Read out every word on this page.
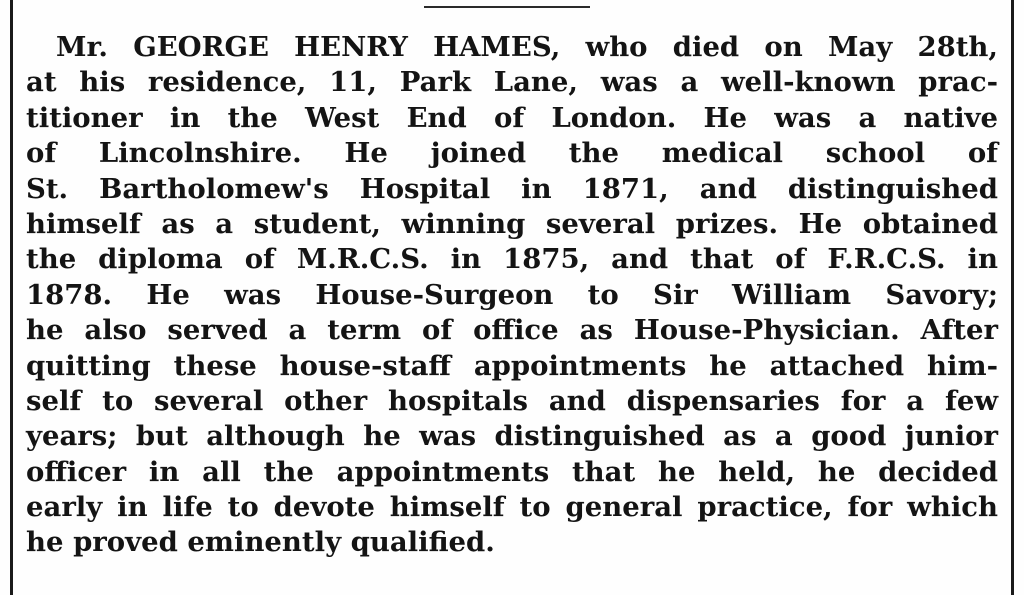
Mr. GEORGE HENRY HAMES, who died on May 28th,
at his residence, 11, Park Lane, was a well-known prac-
titioner in the West End of London. He was a native
of Lincolnshire. He joined the medical school of
St. Bartholomew's Hospital in 1871, and distinguished
himself as a student, winning several prizes. He obtained
the diploma of M.R.C.S. in 1875, and that of F.R.C.S. in
1878. He was House-Surgeon to Sir William Savory;
he also served a term of office as House-Physician. After
quitting these house-staff appointments he attached him-
self to several other hospitals and dispensaries for a few
years; but although he was distinguished as a good junior
officer in all the appointments that he held, he decided
early in life to devote himself to general practice, for which
he proved eminently qualified.
